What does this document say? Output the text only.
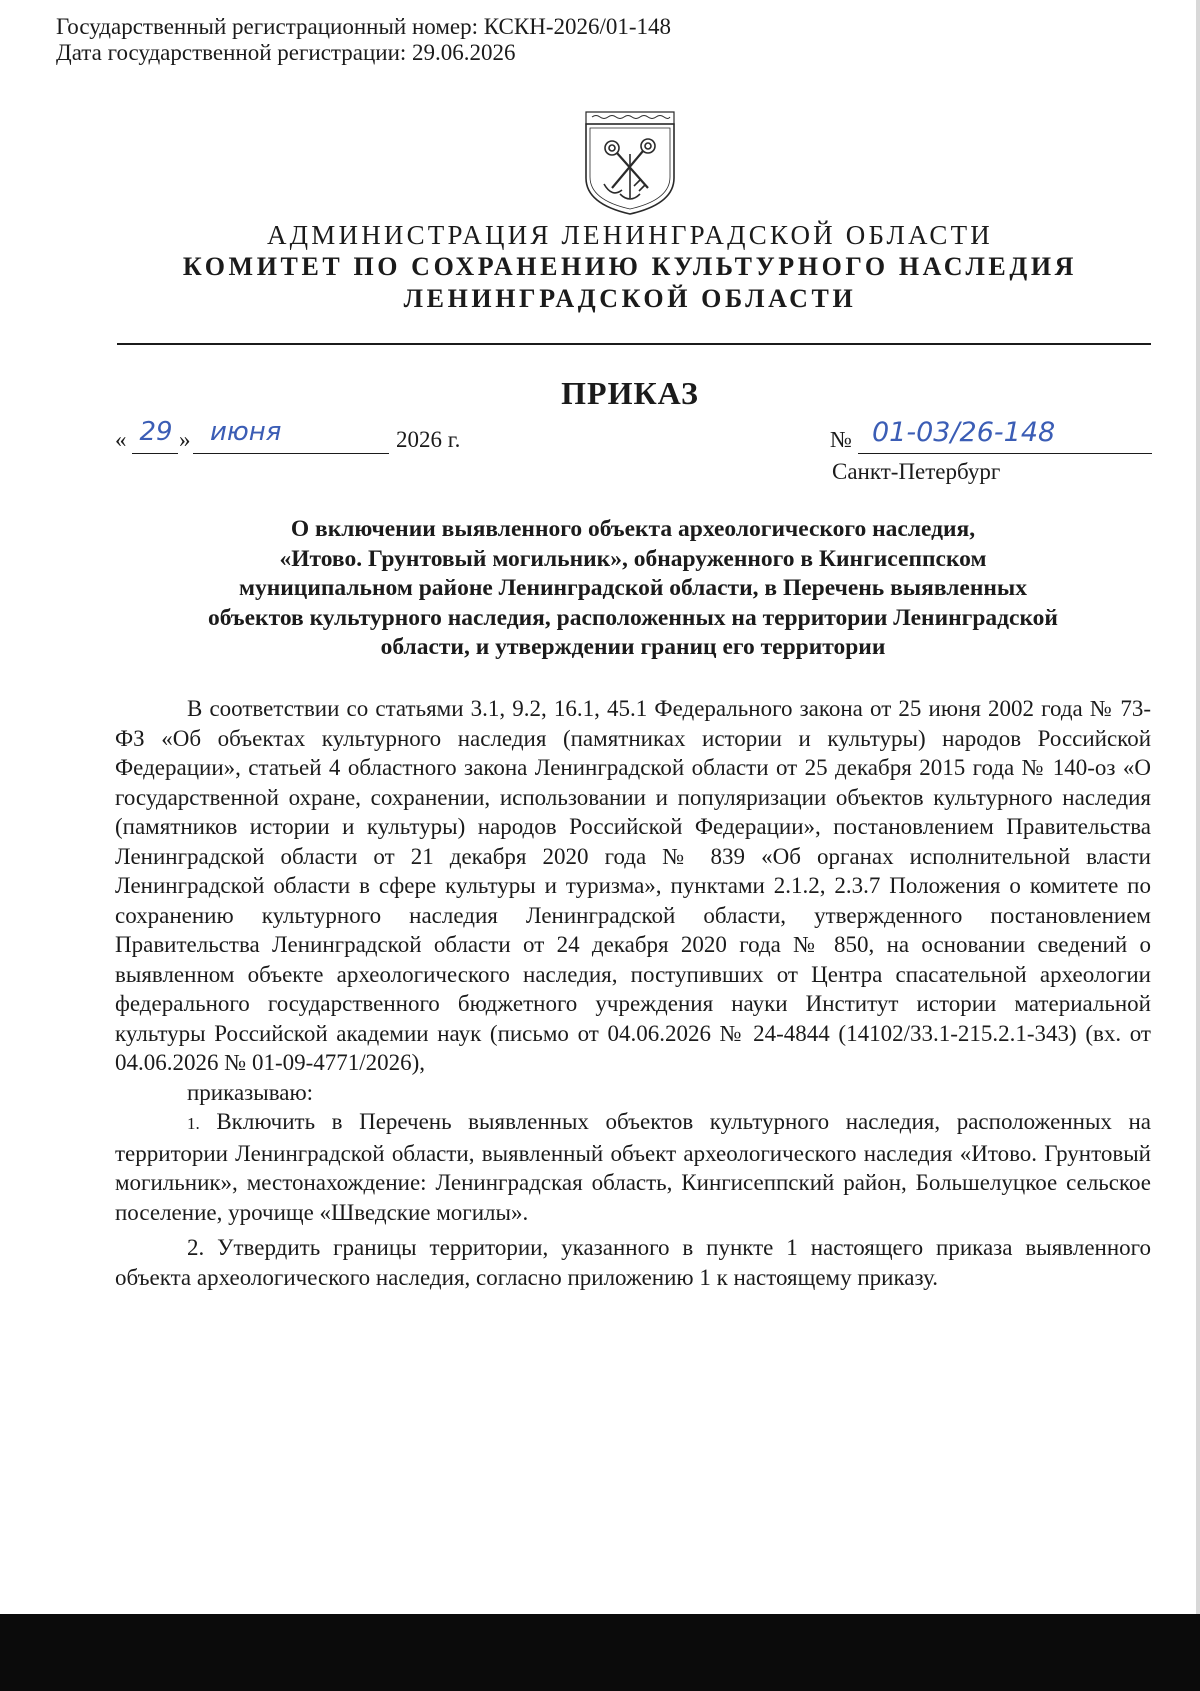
Государственный регистрационный номер: КСКН-2026/01-148
Дата государственной регистрации: 29.06.2026
АДМИНИСТРАЦИЯ ЛЕНИНГРАДСКОЙ ОБЛАСТИ
КОМИТЕТ ПО СОХРАНЕНИЮ КУЛЬТУРНОГО НАСЛЕДИЯ
ЛЕНИНГРАДСКОЙ ОБЛАСТИ
ПРИКАЗ
« 29 » июня	2026 г.	№ 01-03/26-148
Санкт-Петербург
О включении выявленного объекта археологического наследия,
«Итово. Грунтовый могильник», обнаруженного в Кингисеппском
муниципальном районе Ленинградской области, в Перечень выявленных
объектов культурного наследия, расположенных на территории Ленинградской
области, и утверждении границ его территории

В соответствии со статьями 3.1, 9.2, 16.1, 45.1 Федерального закона от 25 июня 2002 года № 73-ФЗ «Об объектах культурного наследия (памятниках истории и культуры) народов Российской Федерации», статьей 4 областного закона Ленинградской области от 25 декабря 2015 года № 140-оз «О государственной охране, сохранении, использовании и популяризации объектов культурного наследия (памятников истории и культуры) народов Российской Федерации», постановлением Правительства Ленинградской области от 21 декабря 2020 года № 839 «Об органах исполнительной власти Ленинградской области в сфере культуры и туризма», пунктами 2.1.2, 2.3.7 Положения о комитете по сохранению культурного наследия Ленинградской области, утвержденного постановлением Правительства Ленинградской области от 24 декабря 2020 года № 850, на основании сведений о выявленном объекте археологического наследия, поступивших от Центра спасательной археологии федерального государственного бюджетного учреждения науки Институт истории материальной культуры Российской академии наук (письмо от 04.06.2026 № 24-4844 (14102/33.1-215.2.1-343) (вх. от 04.06.2026 № 01-09-4771/2026),

приказываю:

1. Включить в Перечень выявленных объектов культурного наследия, расположенных на территории Ленинградской области, выявленный объект археологического наследия «Итово. Грунтовый могильник», местонахождение: Ленинградская область, Кингисеппский район, Большелуцкое сельское поселение, урочище «Шведские могилы».

2. Утвердить границы территории, указанного в пункте 1 настоящего приказа выявленного объекта археологического наследия, согласно приложению 1 к настоящему приказу.
